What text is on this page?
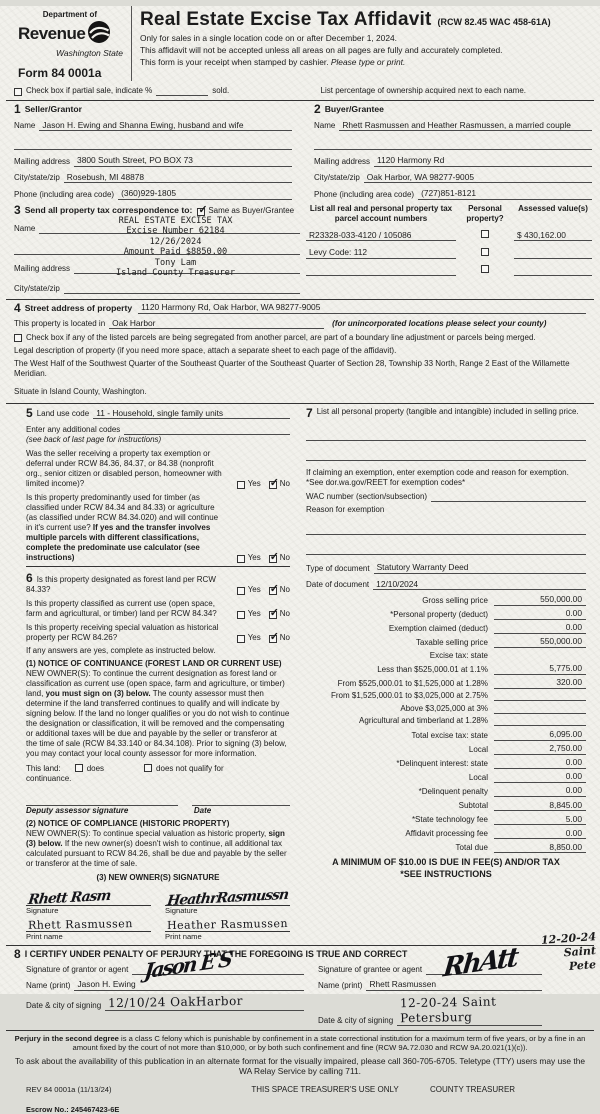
Department of
Revenue
Washington State
Form 84 0001a
Real Estate Excise Tax Affidavit (RCW 82.45 WAC 458-61A)
Only for sales in a single location code on or after December 1, 2024.
This affidavit will not be accepted unless all areas on all pages are fully and accurately completed.
This form is your receipt when stamped by cashier. Please type or print.
Check box if partial sale, indicate %	sold.	List percentage of ownership acquired next to each name.
1 Seller/Grantor
Name Jason H. Ewing and Shanna Ewing, husband and wife
Mailing address 3800 South Street, PO BOX 73
City/state/zip Rosebush, MI 48878
Phone (including area code) (360)929-1805
2 Buyer/Grantee
Name Rhett Rasmussen and Heather Rasmussen, a married couple
Mailing address 1120 Harmony Rd
City/state/zip Oak Harbor, WA 98277-9005
Phone (including area code) (727)851-8121
3 Send all property tax correspondence to: ✓ Same as Buyer/Grantee
REAL ESTATE EXCISE TAX
Excise Number 62184
12/26/2024
Amount Paid $8850.00
Tony Lam
Island County Treasurer
Name
Mailing address
City/state/zip
List all real and personal property tax parcel account numbers
Personal property?
Assessed value(s)
R23328-033-4120 / 105086	$ 430,162.00
Levy Code: 112
4 Street address of property	1120 Harmony Rd, Oak Harbor, WA 98277-9005
This property is located in Oak Harbor	(for unincorporated locations please select your county)
Check box if any of the listed parcels are being segregated from another parcel, are part of a boundary line adjustment or parcels being merged.
Legal description of property (if you need more space, attach a separate sheet to each page of the affidavit).
The West Half of the Southwest Quarter of the Southeast Quarter of the Southeast Quarter of Section 28, Township 33 North, Range 2 East of the Willamette Meridian.
Situate in Island County, Washington.
5 Land use code 11 - Household, single family units
Enter any additional codes
(see back of last page for instructions)
Was the seller receiving a property tax exemption or deferral under RCW 84.36, 84.37, or 84.38 (nonprofit org., senior citizen or disabled person, homeowner with limited income)?	Yes ✓ No
Is this property predominantly used for timber (as classified under RCW 84.34 and 84.33) or agriculture (as classified under RCW 84.34.020) and will continue in it's current use? If yes and the transfer involves multiple parcels with different classifications, complete the predominate use calculator (see instructions)	Yes ✓ No
6 Is this property designated as forest land per RCW 84.33?	Yes ✓ No
Is this property classified as current use (open space, farm and agricultural, or timber) land per RCW 84.34?	Yes ✓ No
Is this property receiving special valuation as historical property per RCW 84.26?	Yes ✓ No
If any answers are yes, complete as instructed below.
(1) NOTICE OF CONTINUANCE (FOREST LAND OR CURRENT USE)
NEW OWNER(S): To continue the current designation as forest land or classification as current use (open space, farm and agriculture, or timber) land, you must sign on (3) below. The county assessor must then determine if the land transferred continues to qualify and will indicate by signing below. If the land no longer qualifies or you do not wish to continue the designation or classification, it will be removed and the compensating or additional taxes will be due and payable by the seller or transferor at the time of sale (RCW 84.33.140 or 84.34.108). Prior to signing (3) below, you may contact your local county assessor for more information.
This land:	does	does not qualify for
continuance.
Deputy assessor signature	Date
(2) NOTICE OF COMPLIANCE (HISTORIC PROPERTY)
NEW OWNER(S): To continue special valuation as historic property, sign (3) below. If the new owner(s) doesn't wish to continue, all additional tax calculated pursuant to RCW 84.26, shall be due and payable by the seller or transferor at the time of sale.
(3) NEW OWNER(S) SIGNATURE
Rhett Rasm
Signature
Rhett Rasmussen
Print name
HeathrRasmussn
Signature
Heather Rasmussen
Print name
7 List all personal property (tangible and intangible) included in selling price.
If claiming an exemption, enter exemption code and reason for exemption. *See dor.wa.gov/REET for exemption codes*
WAC number (section/subsection)
Reason for exemption
Type of document Statutory Warranty Deed
Date of document 12/10/2024
Gross selling price	550,000.00
*Personal property (deduct)	0.00
Exemption claimed (deduct)	0.00
Taxable selling price	550,000.00
Excise tax: state
Less than $525,000.01 at 1.1%	5,775.00
From $525,000.01 to $1,525,000 at 1.28%	320.00
From $1,525,000.01 to $3,025,000 at 2.75%
Above $3,025,000 at 3%
Agricultural and timberland at 1.28%
Total excise tax: state	6,095.00
Local	2,750.00
*Delinquent interest: state	0.00
Local	0.00
*Delinquent penalty	0.00
Subtotal	8,845.00
*State technology fee	5.00
Affidavit processing fee	0.00
Total due	8,850.00
A MINIMUM OF $10.00 IS DUE IN FEE(S) AND/OR TAX
*SEE INSTRUCTIONS
12-20-24
Saint
Pete
8 I CERTIFY UNDER PENALTY OF PERJURY THAT THE FOREGOING IS TRUE AND CORRECT
Signature of grantor or agent Jason E S
Name (print) Jason H. Ewing
Date & city of signing 12/10/24 OakHarbor
Signature of grantee or agent RhAtt
Name (print) Rhett Rasmussen
Date & city of signing
12-20-24 Saint Petersburg
Perjury in the second degree is a class C felony which is punishable by confinement in a state correctional institution for a maximum term of five years, or by a fine in an amount fixed by the court of not more than $10,000, or by both such confinement and fine (RCW 9A.72.030 and RCW 9A.20.021(1)(c)).
To ask about the availability of this publication in an alternate format for the visually impaired, please call 360-705-6705. Teletype (TTY) users may use the WA Relay Service by calling 711.
REV 84 0001a (11/13/24)	THIS SPACE TREASURER'S USE ONLY	COUNTY TREASURER
Escrow No.: 245467423-6E
